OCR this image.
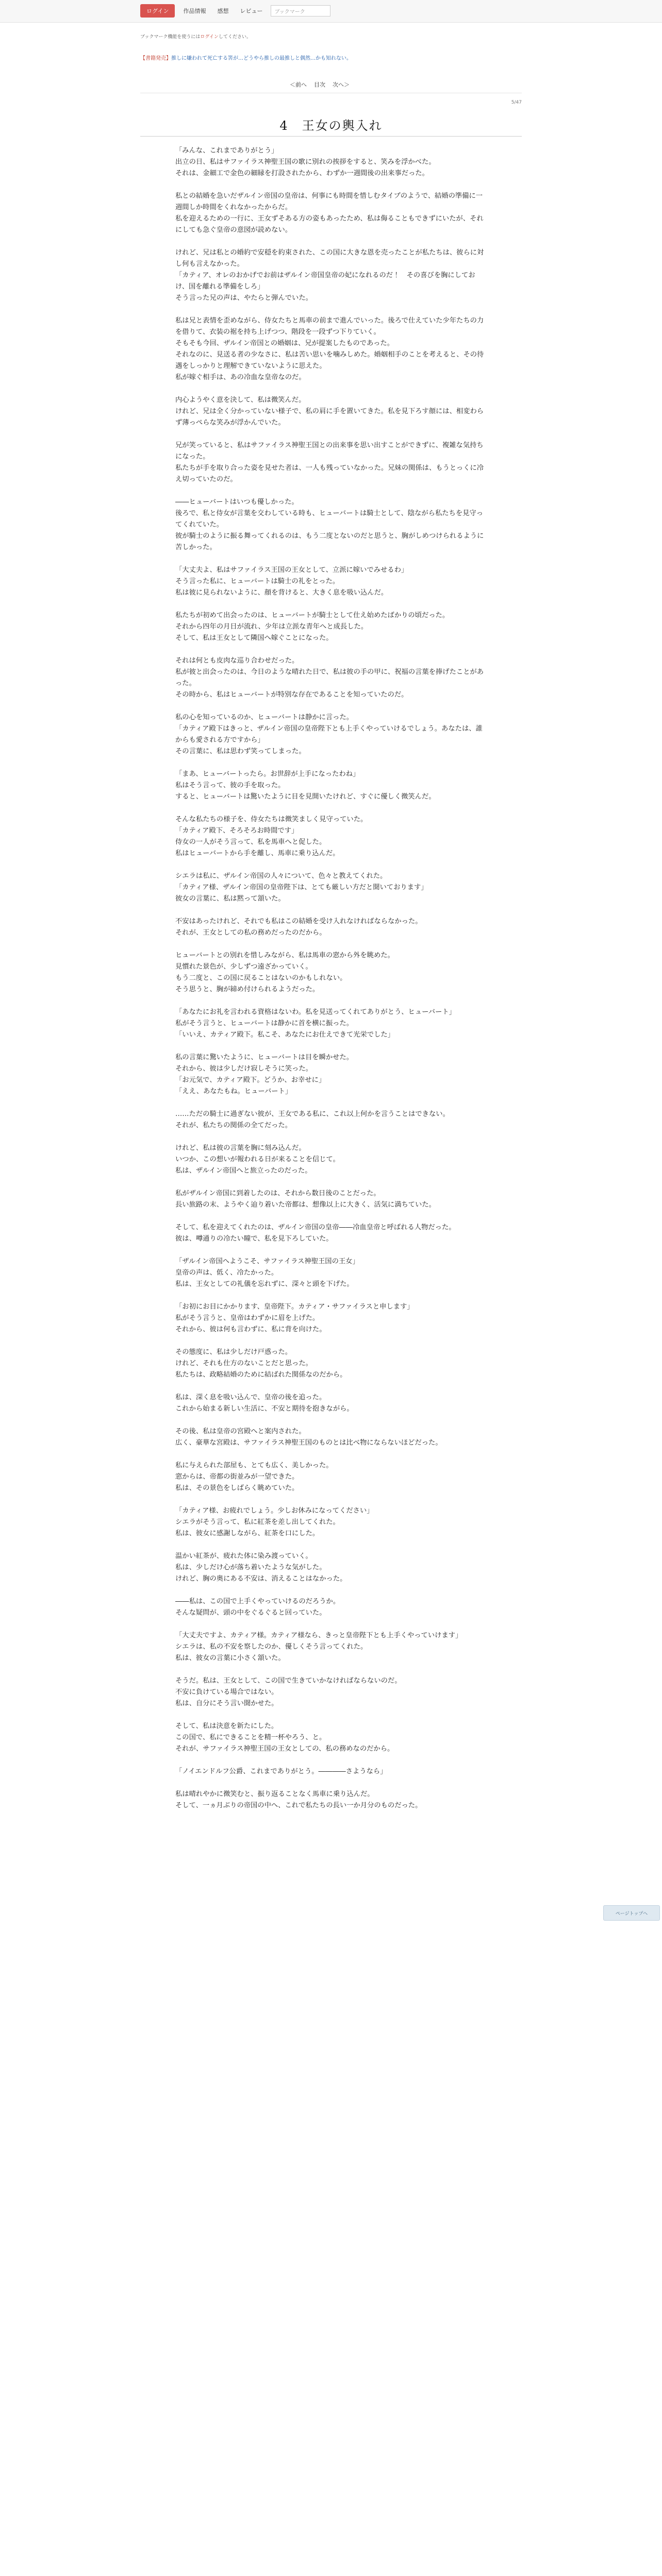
ログイン	作品情報	感想	レビュー	ブックマーク
ブックマーク機能を使うにはログインしてください。
【書籍発売】推しに嫌われて死亡する筈が…どうやら推しの最推しと偶然…かも知れない。
＜前へ 目次 次へ＞
5/47
4　王女の輿入れ
「みんな、これまでありがとう」
出立の日、私はサファイラス神聖王国の歌に別れの挨拶をすると、笑みを浮かべた。
それは、金細工で金色の細縁を打設されたから、わずか一週間後の出来事だった。
私との結婚を急いだザルイン帝国の皇帝は、何事にも時間を惜しむタイプのようで、結婚の準備に一週間しか時間をくれなかったからだ。
私を迎えるための一行に、王女ずそある方の姿もあったため、私は侮ることもできずにいたが、それにしても急ぐ皇帝の意図が読めない。
けれど、兄は私との婚約で安穏を約束された、この国に大きな恩を売ったことが私たちは、彼らに対し何も言えなかった。
「カティア、オレのおかげでお前はザルイン帝国皇帝の妃になれるのだ！　その喜びを胸にしておけ、国を離れる準備をしろ」
そう言った兄の声は、やたらと弾んでいた。
私は兄と表情を歪めながら、侍女たちと馬車の前まで進んでいった。後ろで仕えていた少年たちの力を借りて、衣装の裾を持ち上げつつ、階段を一段ずつ下りていく。
そもそも今回、ザルイン帝国との婚姻は、兄が提案したものであった。
それなのに、見送る者の少なさに、私は苦い思いを噛みしめた。婚姻相手のことを考えると、その待遇をしっかりと理解できていないように思えた。
私が嫁ぐ相手は、あの冷血な皇帝なのだ。
内心ようやく意を決して、私は微笑んだ。
けれど、兄は全く分かっていない様子で、私の肩に手を置いてきた。私を見下ろす顔には、相変わらず薄っぺらな笑みが浮かんでいた。
兄が笑っていると、私はサファイラス神聖王国との出来事を思い出すことができずに、複雑な気持ちになった。
私たちが手を取り合った姿を見せた者は、一人も残っていなかった。兄妹の関係は、もうとっくに冷え切っていたのだ。
――ヒューバートはいつも優しかった。
後ろで、私と侍女が言葉を交わしている時も、ヒューバートは騎士として、陰ながら私たちを見守ってくれていた。
彼が騎士のように振る舞ってくれるのは、もう二度とないのだと思うと、胸がしめつけられるように苦しかった。
「大丈夫よ、私はサファイラス王国の王女として、立派に嫁いでみせるわ」
そう言った私に、ヒューバートは騎士の礼をとった。
私は彼に見られないように、顔を背けると、大きく息を吸い込んだ。
私たちが初めて出会ったのは、ヒューバートが騎士として仕え始めたばかりの頃だった。
それから四年の月日が流れ、少年は立派な青年へと成長した。
そして、私は王女として隣国へ嫁ぐことになった。
それは何とも皮肉な巡り合わせだった。
私が彼と出会ったのは、今日のような晴れた日で、私は彼の手の甲に、祝福の言葉を捧げたことがあった。
その時から、私はヒューバートが特別な存在であることを知っていたのだ。
私の心を知っているのか、ヒューバートは静かに言った。
「カティア殿下はきっと、ザルイン帝国の皇帝陛下とも上手くやっていけるでしょう。あなたは、誰からも愛される方ですから」
その言葉に、私は思わず笑ってしまった。
「まあ、ヒューバートったら。お世辞が上手になったわね」
私はそう言って、彼の手を取った。
すると、ヒューバートは驚いたように目を見開いたけれど、すぐに優しく微笑んだ。
そんな私たちの様子を、侍女たちは微笑ましく見守っていた。
「カティア殿下、そろそろお時間です」
侍女の一人がそう言って、私を馬車へと促した。
私はヒューバートから手を離し、馬車に乗り込んだ。
シエラは私に、ザルイン帝国の人々について、色々と教えてくれた。
「カティア様、ザルイン帝国の皇帝陛下は、とても厳しい方だと聞いております」
彼女の言葉に、私は黙って頷いた。
不安はあったけれど、それでも私はこの結婚を受け入れなければならなかった。
それが、王女としての私の務めだったのだから。
ヒューバートとの別れを惜しみながら、私は馬車の窓から外を眺めた。
見慣れた景色が、少しずつ遠ざかっていく。
もう二度と、この国に戻ることはないのかもしれない。
そう思うと、胸が締め付けられるようだった。
「あなたにお礼を言われる資格はないわ。私を見送ってくれてありがとう、ヒューバート」
私がそう言うと、ヒューバートは静かに首を横に振った。
「いいえ、カティア殿下。私こそ、あなたにお仕えできて光栄でした」
私の言葉に驚いたように、ヒューバートは目を瞬かせた。
それから、彼は少しだけ寂しそうに笑った。
「お元気で、カティア殿下。どうか、お幸せに」
「ええ、あなたもね。ヒューバート」
……ただの騎士に過ぎない彼が、王女である私に、これ以上何かを言うことはできない。
それが、私たちの関係の全てだった。
けれど、私は彼の言葉を胸に刻み込んだ。
いつか、この想いが報われる日が来ることを信じて。
私は、ザルイン帝国へと旅立ったのだった。
私がザルイン帝国に到着したのは、それから数日後のことだった。
長い旅路の末、ようやく辿り着いた帝都は、想像以上に大きく、活気に満ちていた。
そして、私を迎えてくれたのは、ザルイン帝国の皇帝――冷血皇帝と呼ばれる人物だった。
彼は、噂通りの冷たい瞳で、私を見下ろしていた。
「ザルイン帝国へようこそ、サファイラス神聖王国の王女」
皇帝の声は、低く、冷たかった。
私は、王女としての礼儀を忘れずに、深々と頭を下げた。
「お初にお目にかかります、皇帝陛下。カティア・サファイラスと申します」
私がそう言うと、皇帝はわずかに眉を上げた。
それから、彼は何も言わずに、私に背を向けた。
その態度に、私は少しだけ戸惑った。
けれど、それも仕方のないことだと思った。
私たちは、政略結婚のために結ばれた関係なのだから。
私は、深く息を吸い込んで、皇帝の後を追った。
これから始まる新しい生活に、不安と期待を抱きながら。
その後、私は皇帝の宮殿へと案内された。
広く、豪華な宮殿は、サファイラス神聖王国のものとは比べ物にならないほどだった。
私に与えられた部屋も、とても広く、美しかった。
窓からは、帝都の街並みが一望できた。
私は、その景色をしばらく眺めていた。
「カティア様、お疲れでしょう。少しお休みになってください」
シエラがそう言って、私に紅茶を差し出してくれた。
私は、彼女に感謝しながら、紅茶を口にした。
温かい紅茶が、疲れた体に染み渡っていく。
私は、少しだけ心が落ち着いたような気がした。
けれど、胸の奥にある不安は、消えることはなかった。
――私は、この国で上手くやっていけるのだろうか。
そんな疑問が、頭の中をぐるぐると回っていた。
「大丈夫ですよ、カティア様。カティア様なら、きっと皇帝陛下とも上手くやっていけます」
シエラは、私の不安を察したのか、優しくそう言ってくれた。
私は、彼女の言葉に小さく頷いた。
そうだ。私は、王女として、この国で生きていかなければならないのだ。
不安に負けている場合ではない。
私は、自分にそう言い聞かせた。
そして、私は決意を新たにした。
この国で、私にできることを精一杯やろう、と。
それが、サファイラス神聖王国の王女としての、私の務めなのだから。
「ノイエンドルフ公爵、これまでありがとう。――――さようなら」
私は晴れやかに微笑むと、振り返ることなく馬車に乗り込んだ。
そして、一ヵ月ぶりの帝国の中へ、これで私たちの長い一か月分のものだった。
ページトップへ
